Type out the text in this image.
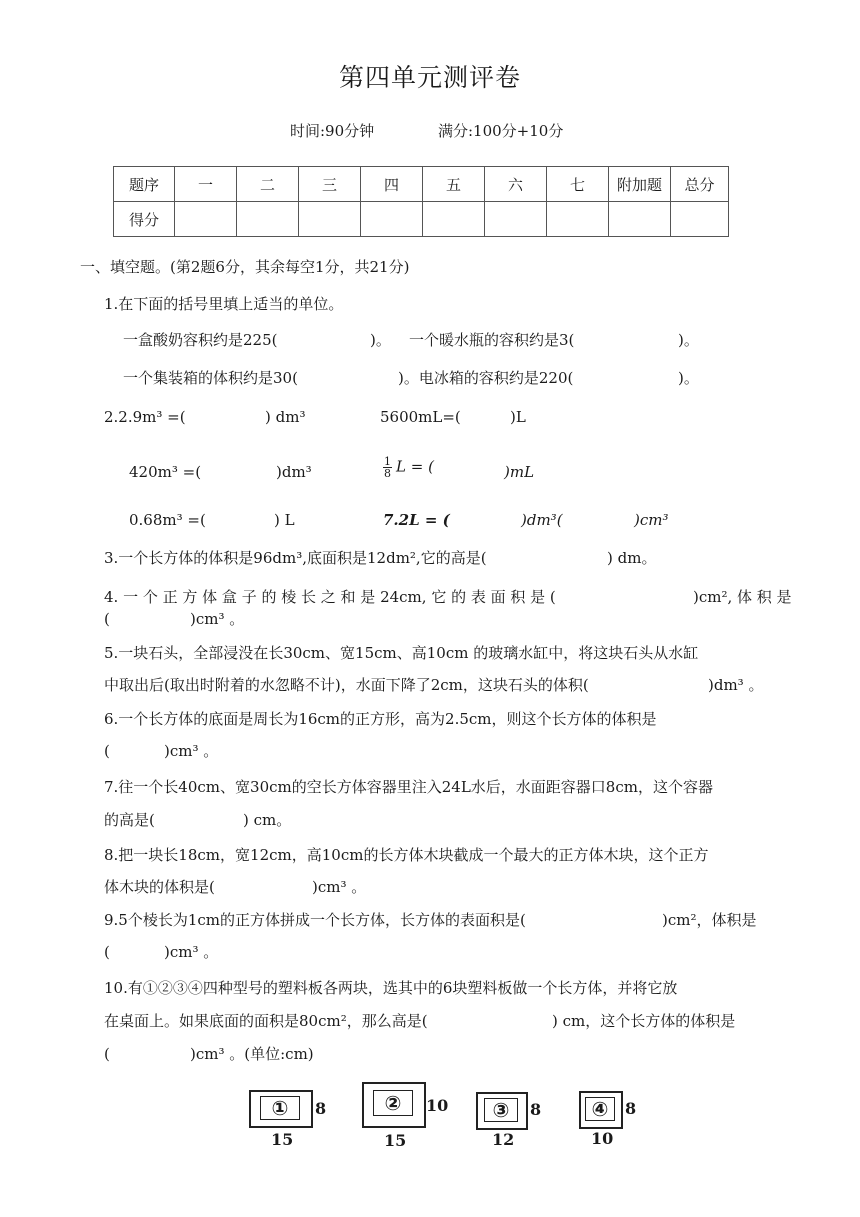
第四单元测评卷
时间:90分钟	满分:100分+10分
题序	一	二	三	四	五	六	七	附加题	总分
得分									
一、填空题。(第2题6分，其余每空1分，共21分)
1.在下面的括号里填上适当的单位。
一盒酸奶容积约是225(	)。 一个暖水瓶的容积约是3(	)。
一个集装箱的体积约是30(	)。电冰箱的容积约是220(	)。
2.2.9m³ =(	) dm³	5600mL=(	)L
420m³ =(	)dm³	$\frac{1}{8}$ L = (	)mL
0.68m³ =(	) L	7.2L = (	)dm³(	)cm³
3.一个长方体的体积是96dm³,底面积是12dm²,它的高是(	) dm。
4. 一 个 正 方 体 盒 子 的 棱 长 之 和 是 24cm, 它 的 表 面 积 是 (	)cm², 体 积 是
(	)cm³ 。
5.一块石头，全部浸没在长30cm、宽15cm、高10cm 的玻璃水缸中，将这块石头从水缸
中取出后(取出时附着的水忽略不计)，水面下降了2cm，这块石头的体积(	)dm³ 。
6.一个长方体的底面是周长为16cm的正方形，高为2.5cm，则这个长方体的体积是
(	)cm³ 。
7.往一个长40cm、宽30cm的空长方体容器里注入24L水后，水面距容器口8cm，这个容器
的高是(	) cm。
8.把一块长18cm，宽12cm，高10cm的长方体木块截成一个最大的正方体木块，这个正方
体木块的体积是(	)cm³ 。
9.5个棱长为1cm的正方体拼成一个长方体，长方体的表面积是(	)cm²，体积是
(	)cm³ 。
10.有①②③④四种型号的塑料板各两块，选其中的6块塑料板做一个长方体，并将它放
在桌面上。如果底面的面积是80cm²，那么高是(	) cm，这个长方体的体积是
(	)cm³ 。(单位:cm)
①	8
15
②	10
15
③	8
12
④	8
10
